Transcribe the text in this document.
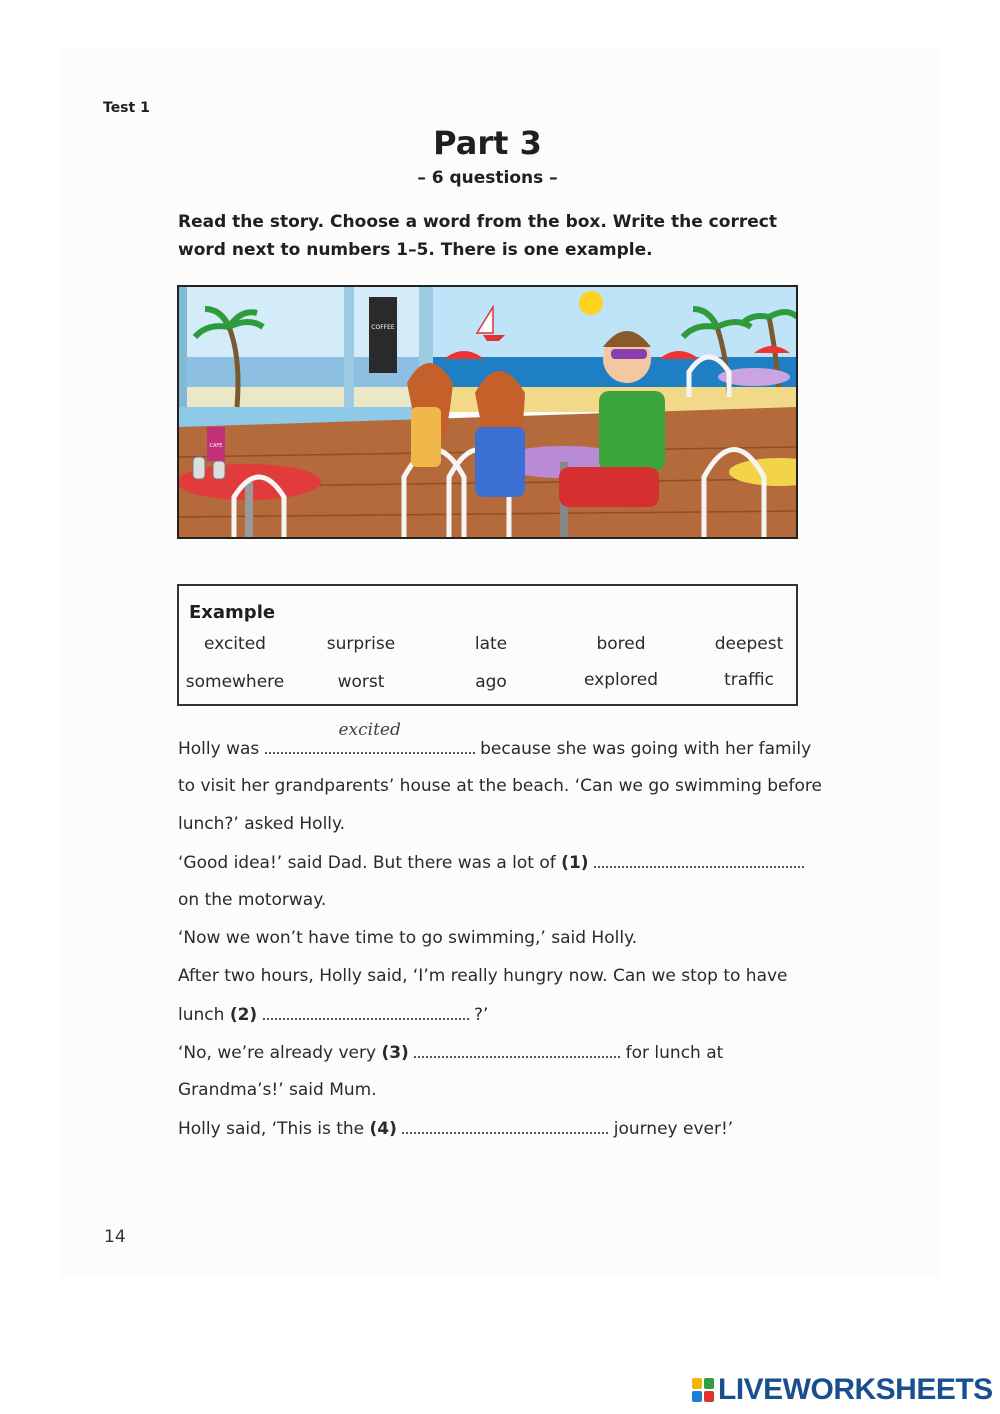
Test 1
Part 3
– 6 questions –
Read the story. Choose a word from the box. Write the correct
word next to numbers 1–5. There is one example.
COFFEE
CAFE
Example
excited	surprise	late	bored	deepest
somewhere	worst	ago	explored	traffic
Holly was
excited
because she was going with her family
to visit her grandparents’ house at the beach. ‘Can we go swimming before
lunch?’ asked Holly.
‘Good idea!’ said Dad. But there was a lot of (1)
on the motorway.
‘Now we won’t have time to go swimming,’ said Holly.
After two hours, Holly said, ‘I’m really hungry now. Can we stop to have
lunch (2)	?’
‘No, we’re already very (3)	for lunch at
Grandma’s!’ said Mum.
Holly said, ‘This is the (4)	journey ever!’
14
LIVEWORKSHEETS
